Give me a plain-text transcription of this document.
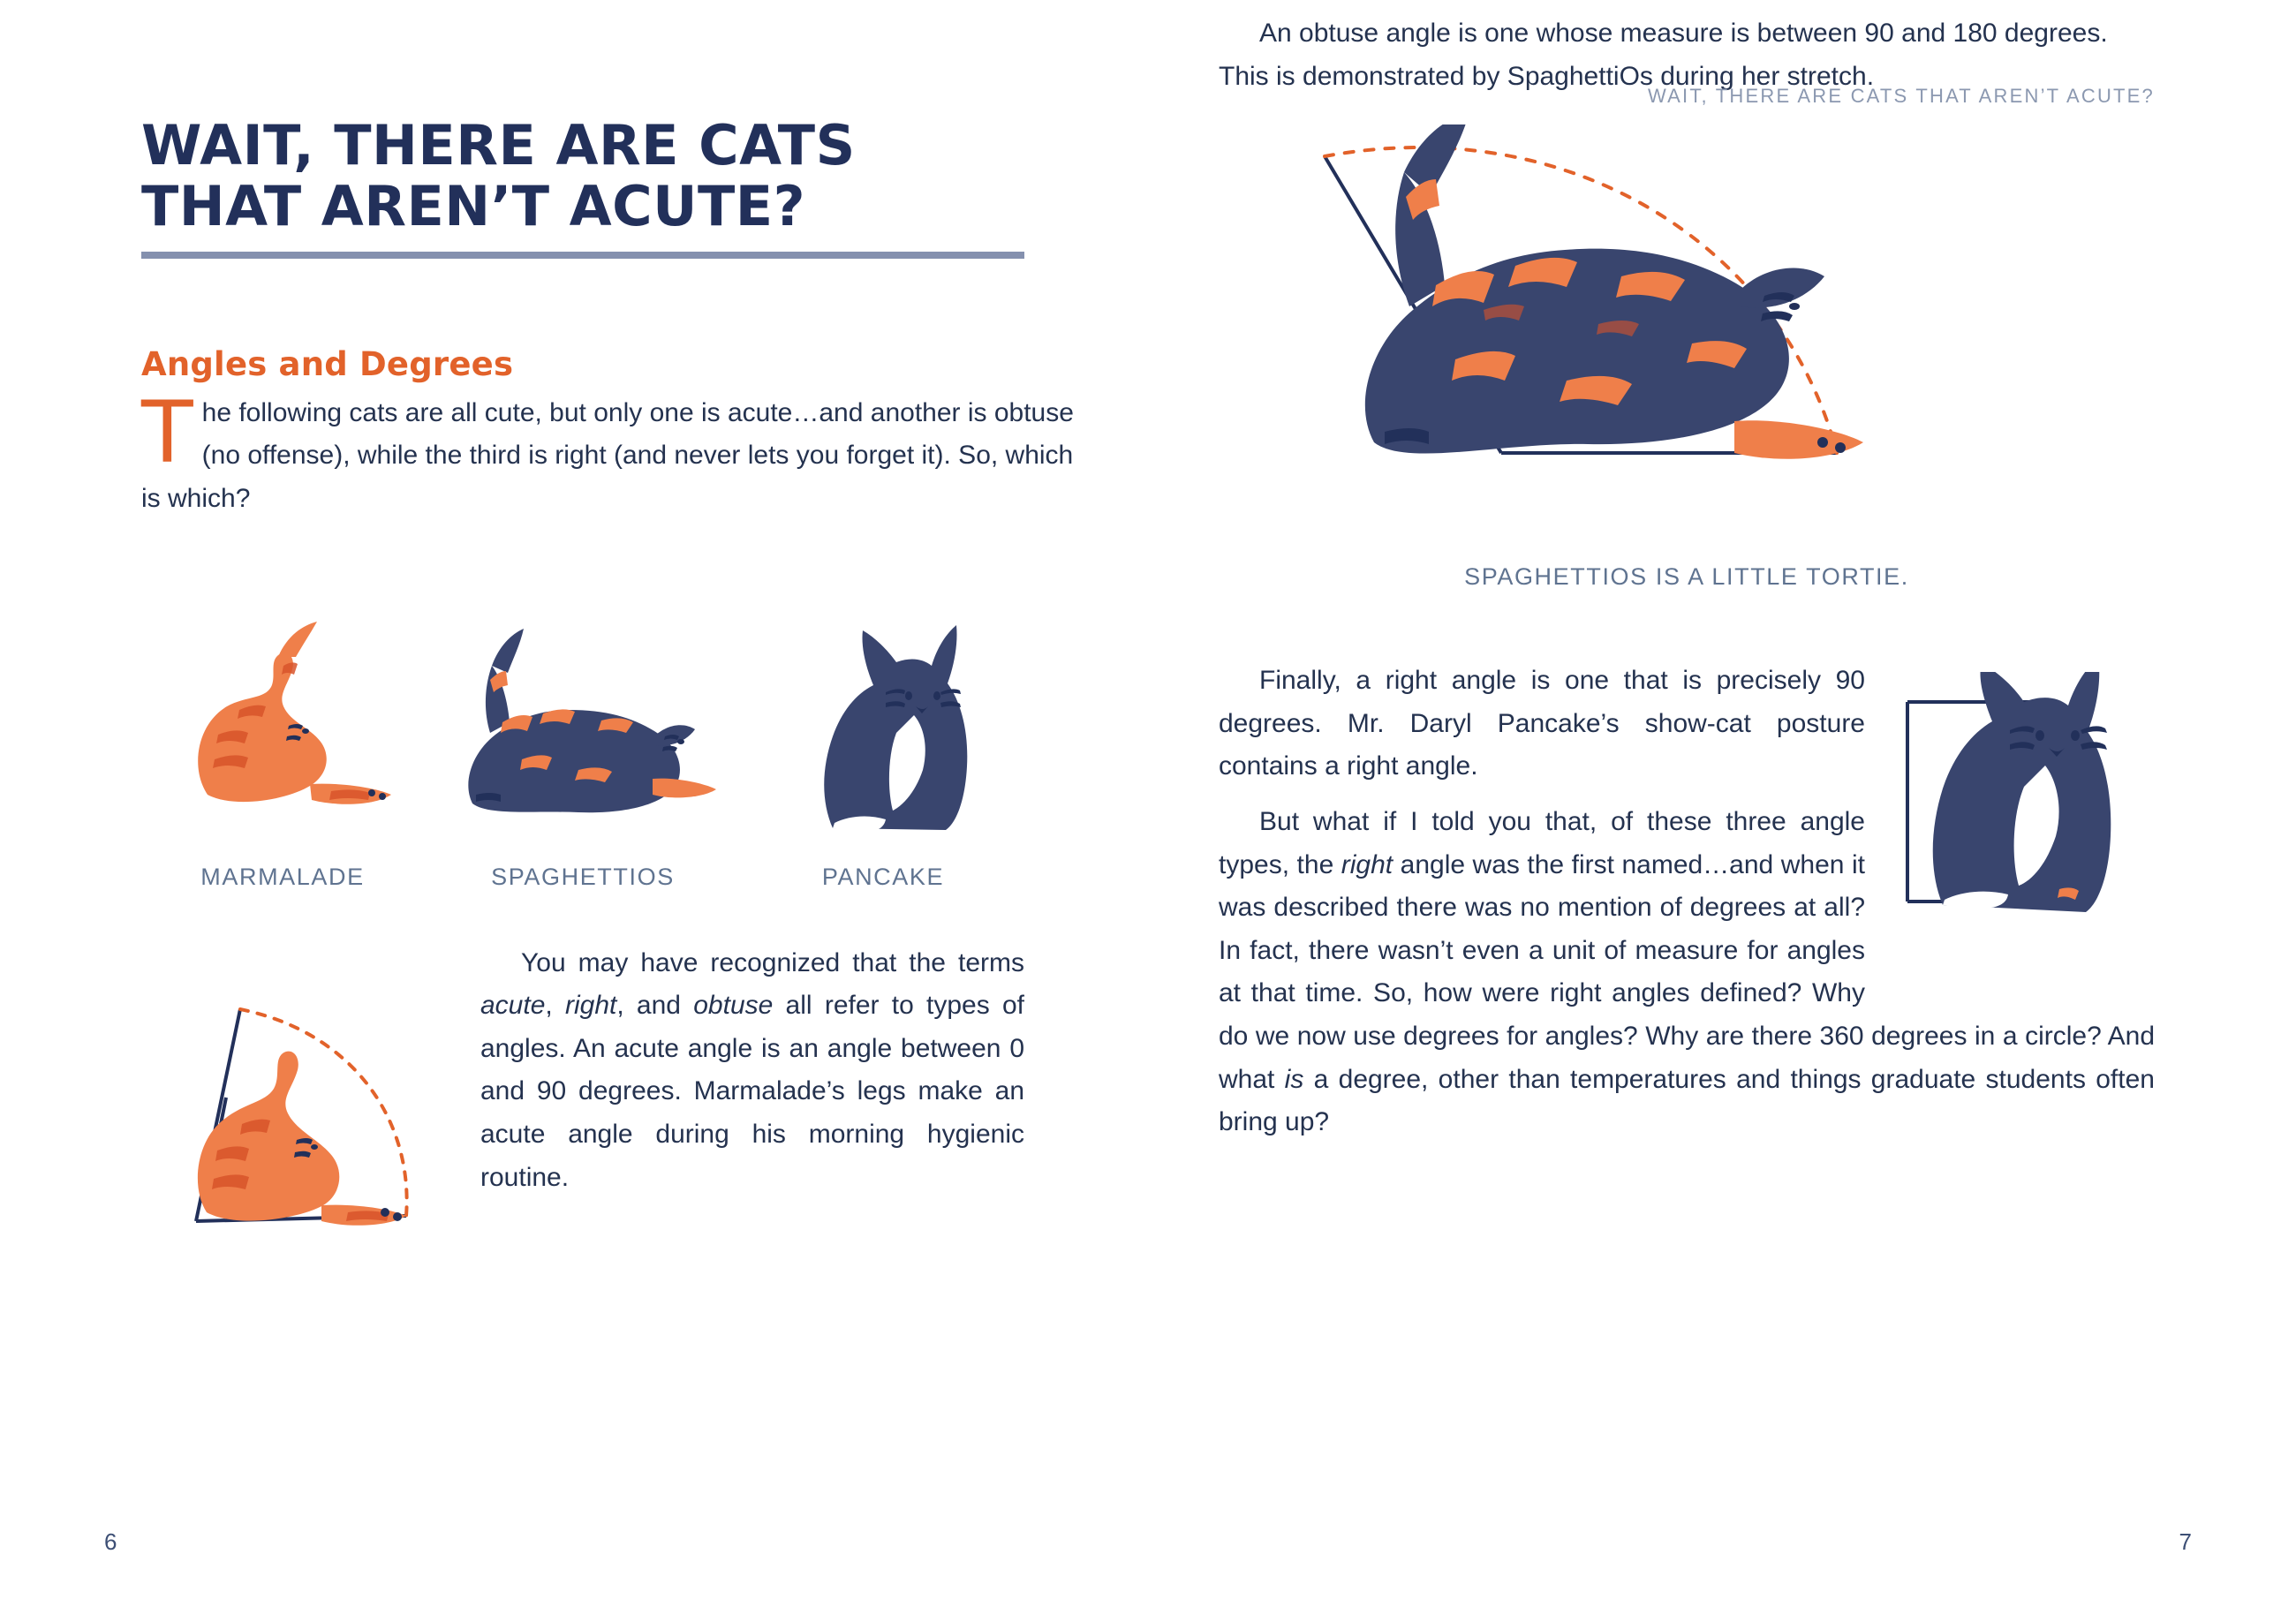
WAIT, THERE ARE CATS
THAT AREN’T ACUTE?
Angles and Degrees

The following cats are all cute, but only one is acute…and another is obtuse (no offense), while the third is right (and never lets you forget it). So, which is which?

MARMALADE	SPAGHETTIOS	PANCAKE

You may have recognized that the terms acute, right, and obtuse all refer to types of angles. An acute angle is an angle between 0 and 90 degrees. Marmalade’s legs make an acute angle during his morning hygienic routine.

6
WAIT, THERE ARE CATS THAT AREN’T ACUTE?

An obtuse angle is one whose measure is between 90 and 180 degrees. This is demonstrated by SpaghettiOs during her stretch.

SPAGHETTIOS IS A LITTLE TORTIE.

Finally, a right angle is one that is precisely 90 degrees. Mr. Daryl Pancake’s show-cat posture contains a right angle.

But what if I told you that, of these three angle types, the right angle was the first named…and when it was described there was no mention of degrees at all? In fact, there wasn’t even a unit of measure for angles at that time. So, how were right angles defined? Why do we now use degrees for angles? Why are there 360 degrees in a circle? And what is a degree, other than temperatures and things graduate students often bring up?

7
